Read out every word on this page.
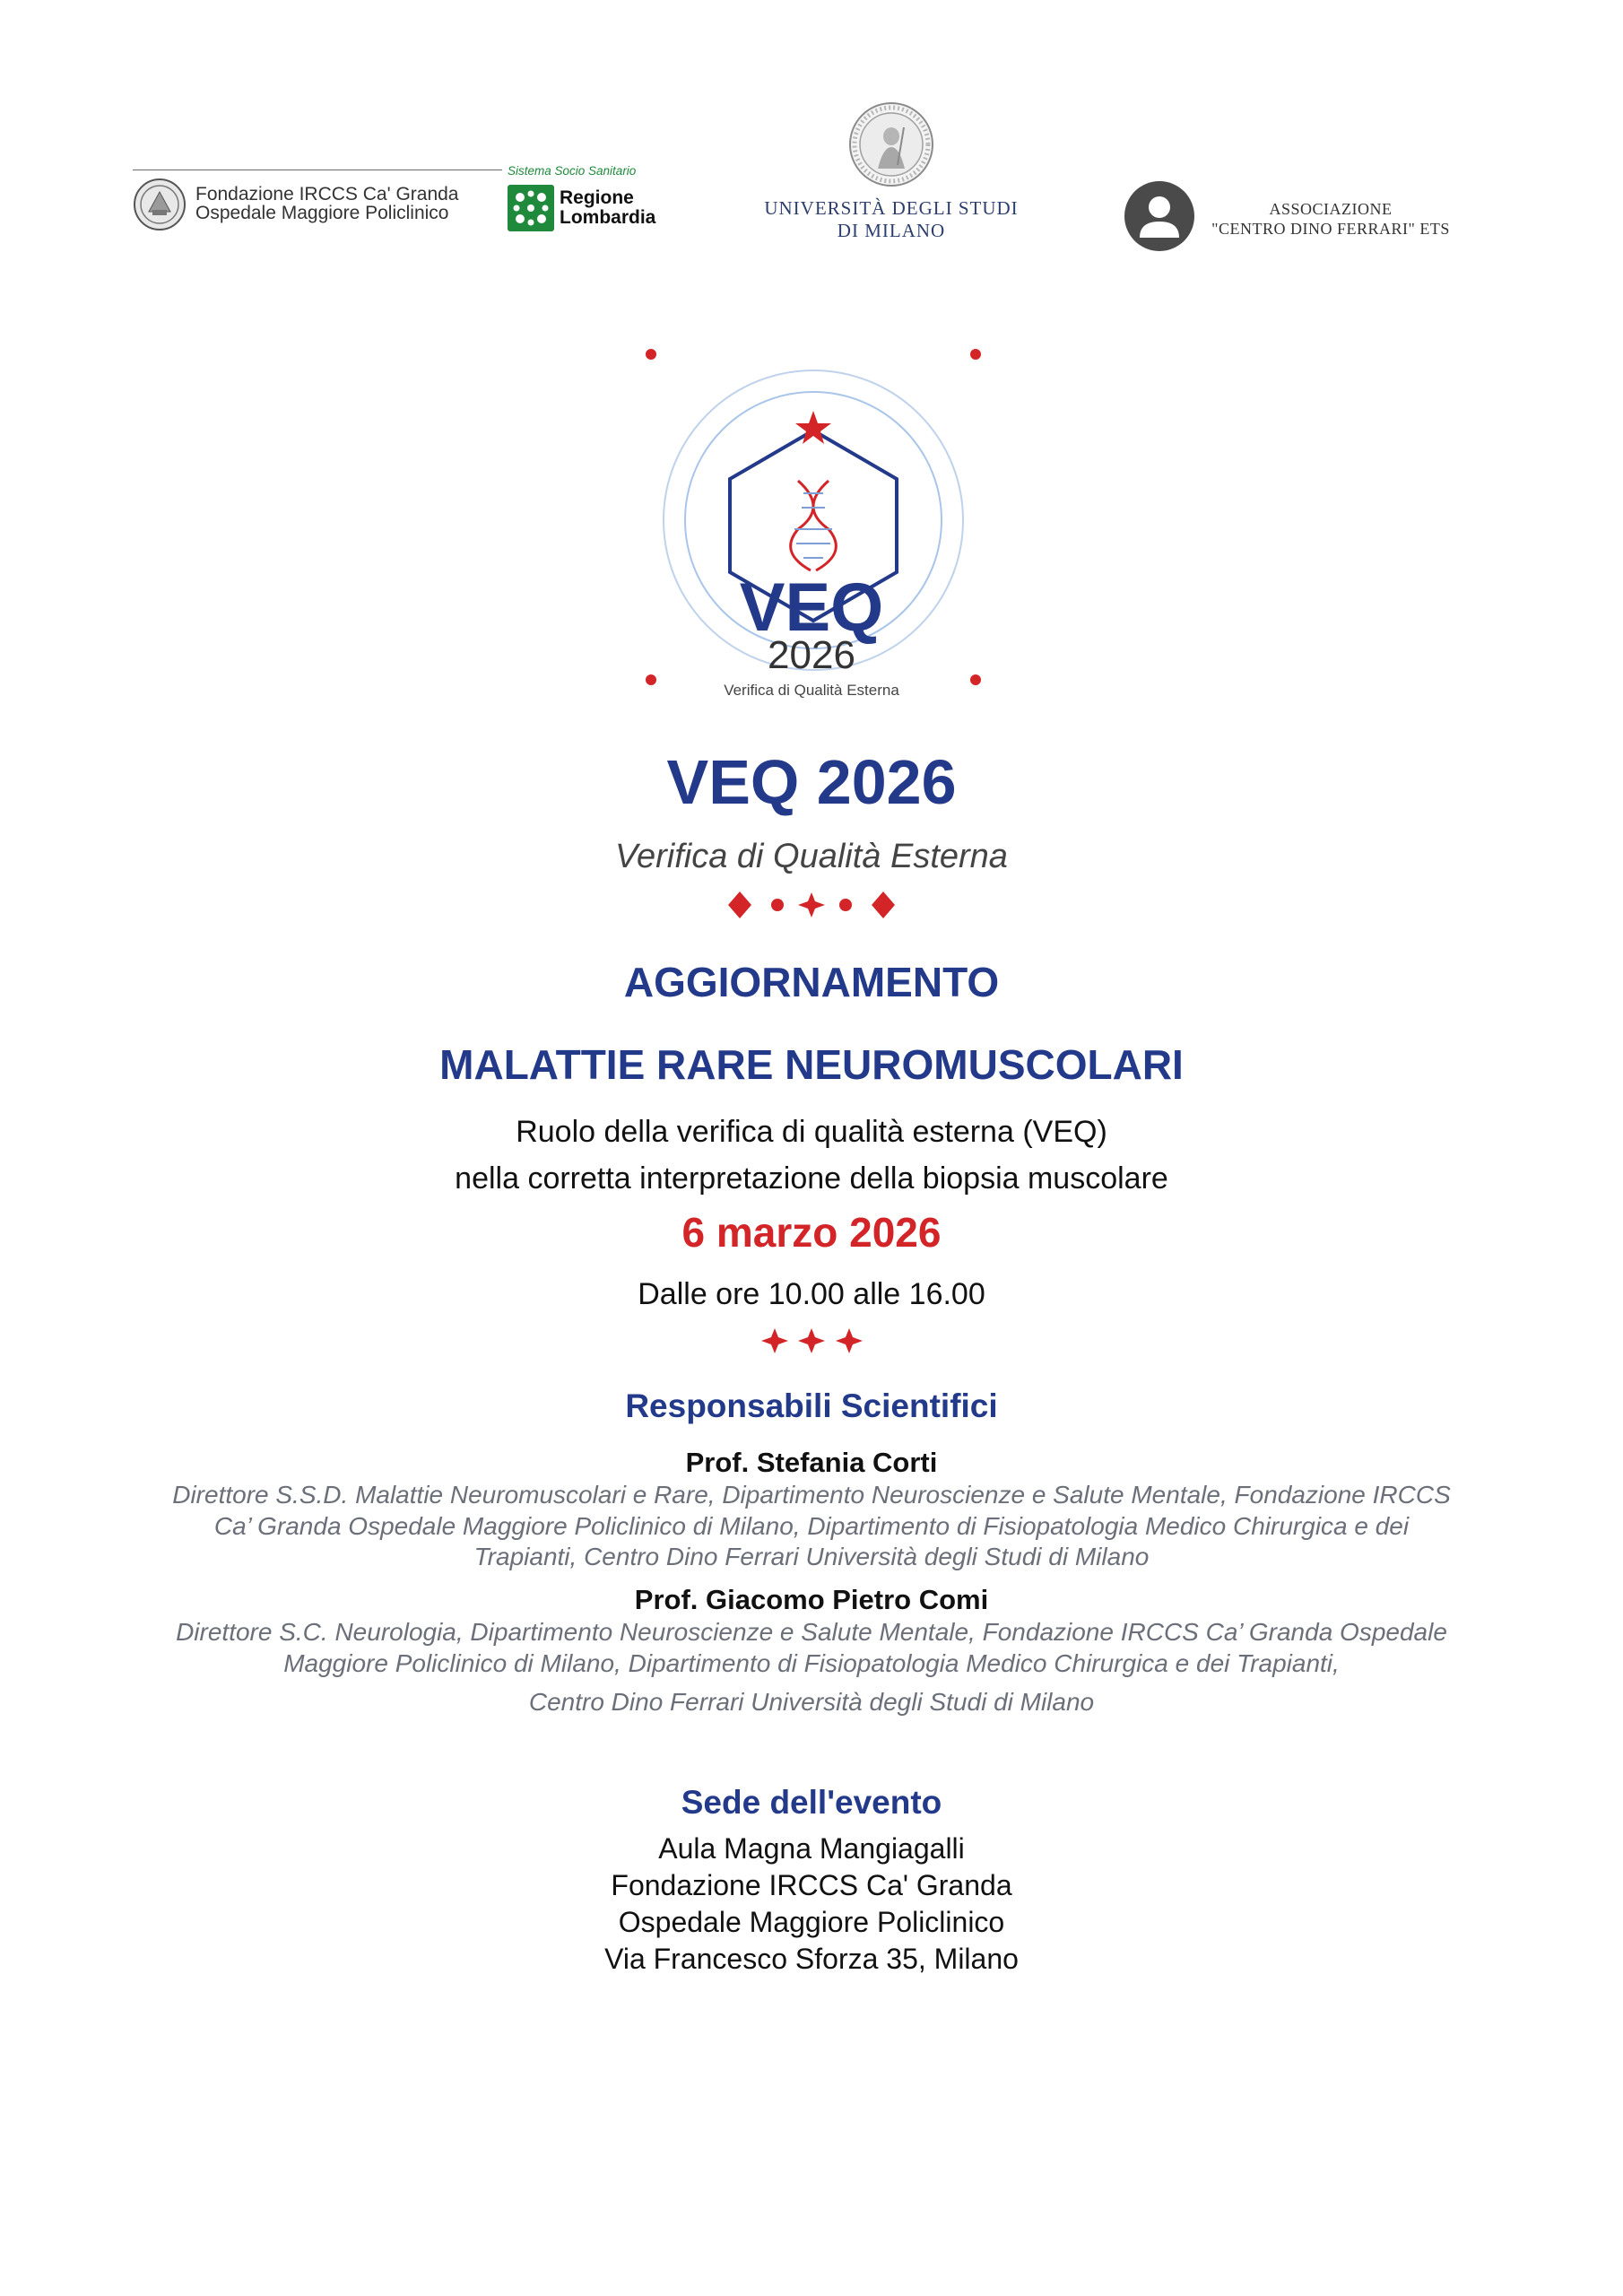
Fondazione IRCCS Ca' Granda
Ospedale Maggiore Policlinico
Sistema Socio Sanitario
Regione
Lombardia	UNIVERSITÀ DEGLI STUDI
DI MILANO
ASSOCIAZIONE
"CENTRO DINO FERRARI" ETS
VEQ
2026
Verifica di Qualità Esterna
VEQ 2026
Verifica di Qualità Esterna
AGGIORNAMENTO
MALATTIE RARE NEUROMUSCOLARI
Ruolo della verifica di qualità esterna (VEQ)
nella corretta interpretazione della biopsia muscolare
6 marzo 2026
Dalle ore 10.00 alle 16.00
Responsabili Scientifici
Prof. Stefania Corti
Direttore S.S.D. Malattie Neuromuscolari e Rare, Dipartimento Neuroscienze e Salute Mentale, Fondazione IRCCS
Ca’ Granda Ospedale Maggiore Policlinico di Milano, Dipartimento di Fisiopatologia Medico Chirurgica e dei
Trapianti, Centro Dino Ferrari Università degli Studi di Milano
Prof. Giacomo Pietro Comi
Direttore S.C. Neurologia, Dipartimento Neuroscienze e Salute Mentale, Fondazione IRCCS Ca’ Granda Ospedale
Maggiore Policlinico di Milano, Dipartimento di Fisiopatologia Medico Chirurgica e dei Trapianti,
Centro Dino Ferrari Università degli Studi di Milano
Sede dell'evento
Aula Magna Mangiagalli
Fondazione IRCCS Ca' Granda
Ospedale Maggiore Policlinico
Via Francesco Sforza 35, Milano
